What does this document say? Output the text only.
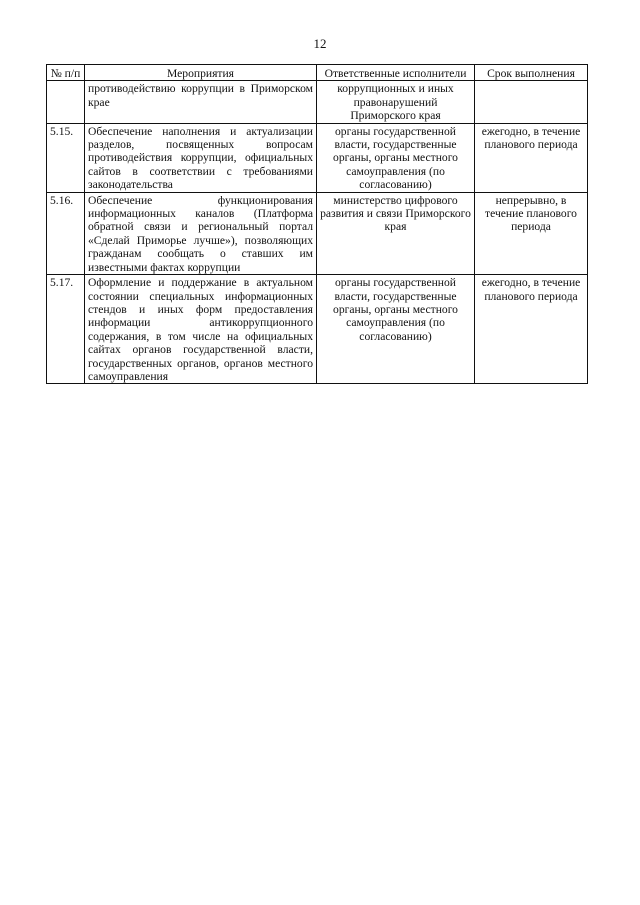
12
№ п/п	Мероприятия	Ответственные исполнители	Срок выполнения
	противодействию коррупции в Приморском крае	коррупционных и иных правонарушений Приморского края	
5.15.	Обеспечение наполнения и актуализации разделов, посвященных вопросам противодействия коррупции, официальных сайтов в соответствии с требованиями законодательства	органы государственной власти, государственные органы, органы местного самоуправления (по согласованию)	ежегодно, в течение планового периода
5.16.	Обеспечение функционирования информационных каналов (Платформа обратной связи и региональный портал «Сделай Приморье лучше»), позволяющих гражданам сообщать о ставших им известными фактах коррупции	министерство цифрового развития и связи Приморского края	непрерывно, в течение планового периода
5.17.	Оформление и поддержание в актуальном состоянии специальных информационных стендов и иных форм предоставления информации антикоррупционного содержания, в том числе на официальных сайтах органов государственной власти, государственных органов, органов местного самоуправления	органы государственной власти, государственные органы, органы местного самоуправления (по согласованию)	ежегодно, в течение планового периода
